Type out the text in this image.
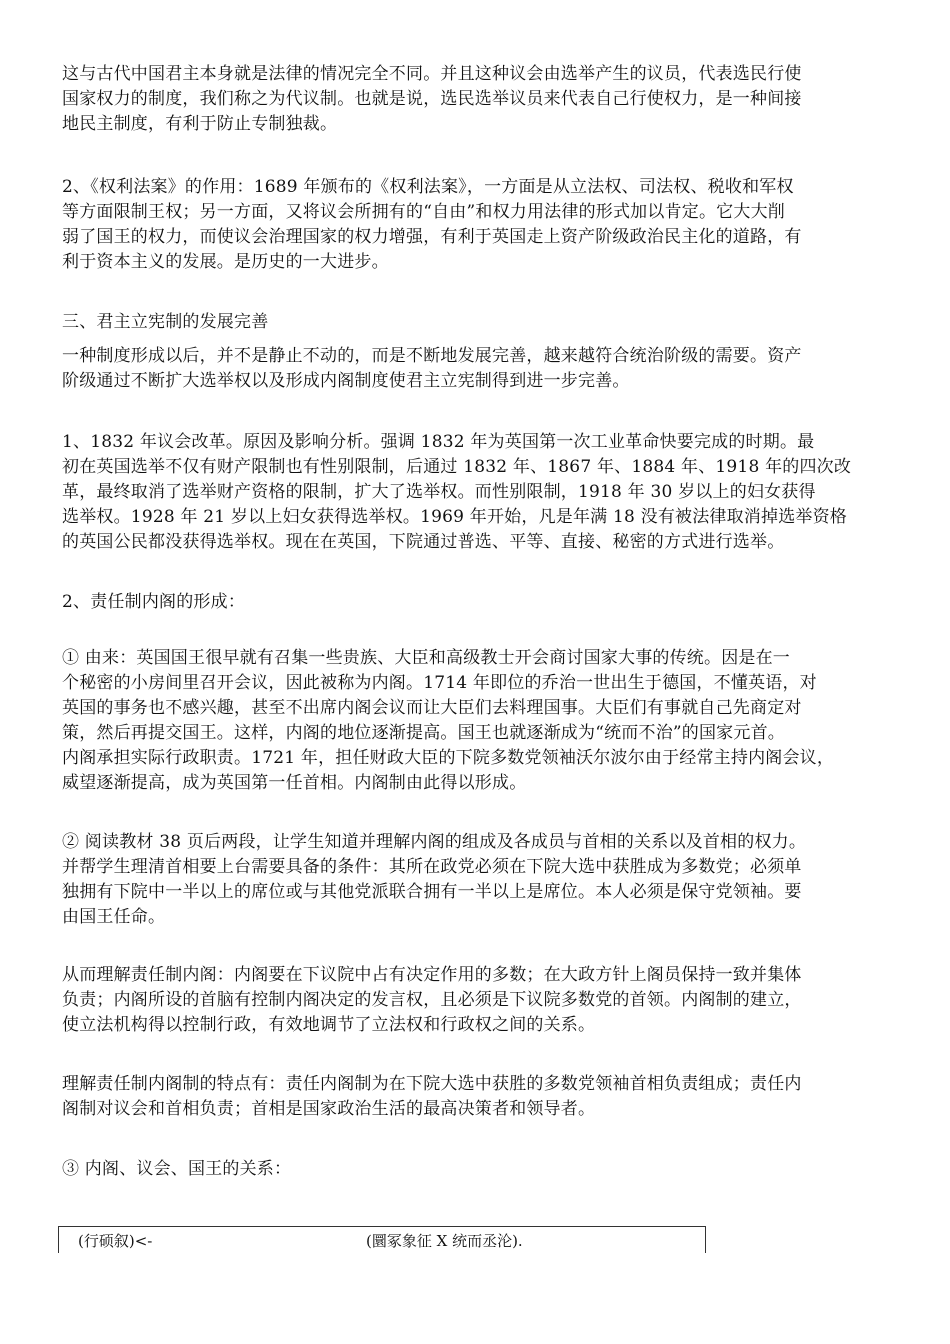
这与古代中国君主本身就是法律的情况完全不同。并且这种议会由选举产生的议员，代表选民行使
国家权力的制度，我们称之为代议制。也就是说，选民选举议员来代表自己行使权力，是一种间接
地民主制度，有利于防止专制独裁。
2、《权利法案》的作用：1689 年颁布的《权利法案》，一方面是从立法权、司法权、税收和军权
等方面限制王权；另一方面，又将议会所拥有的“自由”和权力用法律的形式加以肯定。它大大削
弱了国王的权力，而使议会治理国家的权力增强，有利于英国走上资产阶级政治民主化的道路，有
利于资本主义的发展。是历史的一大进步。
三、君主立宪制的发展完善
一种制度形成以后，并不是静止不动的，而是不断地发展完善，越来越符合统治阶级的需要。资产
阶级通过不断扩大选举权以及形成内阁制度使君主立宪制得到进一步完善。
1、1832 年议会改革。原因及影响分析。强调 1832 年为英国第一次工业革命快要完成的时期。最
初在英国选举不仅有财产限制也有性别限制，后通过 1832 年、1867 年、1884 年、1918 年的四次改
革，最终取消了选举财产资格的限制，扩大了选举权。而性别限制，1918 年 30 岁以上的妇女获得
选举权。1928 年 21 岁以上妇女获得选举权。1969 年开始，凡是年满 18 没有被法律取消掉选举资格
的英国公民都没获得选举权。现在在英国，下院通过普选、平等、直接、秘密的方式进行选举。
2、责任制内阁的形成：
① 由来：英国国王很早就有召集一些贵族、大臣和高级教士开会商讨国家大事的传统。因是在一
个秘密的小房间里召开会议，因此被称为内阁。1714 年即位的乔治一世出生于德国，不懂英语，对
英国的事务也不感兴趣，甚至不出席内阁会议而让大臣们去料理国事。大臣们有事就自己先商定对
策，然后再提交国王。这样，内阁的地位逐渐提高。国王也就逐渐成为“统而不治”的国家元首。
内阁承担实际行政职责。1721 年，担任财政大臣的下院多数党领袖沃尔波尔由于经常主持内阁会议，
威望逐渐提高，成为英国第一任首相。内阁制由此得以形成。
② 阅读教材 38 页后两段，让学生知道并理解内阁的组成及各成员与首相的关系以及首相的权力。
并帮学生理清首相要上台需要具备的条件：其所在政党必须在下院大选中获胜成为多数党；必须单
独拥有下院中一半以上的席位或与其他党派联合拥有一半以上是席位。本人必须是保守党领袖。要
由国王任命。
从而理解责任制内阁：内阁要在下议院中占有决定作用的多数；在大政方针上阁员保持一致并集体
负责；内阁所设的首脑有控制内阁决定的发言权，且必须是下议院多数党的首领。内阁制的建立，
使立法机构得以控制行政，有效地调节了立法权和行政权之间的关系。
理解责任制内阁制的特点有：责任内阁制为在下院大选中获胜的多数党领袖首相负责组成；责任内
阁制对议会和首相负责；首相是国家政治生活的最高决策者和领导者。
③ 内阁、议会、国王的关系：
(行硕叙)<-	(圜冢象征 X 统而丞沦).
